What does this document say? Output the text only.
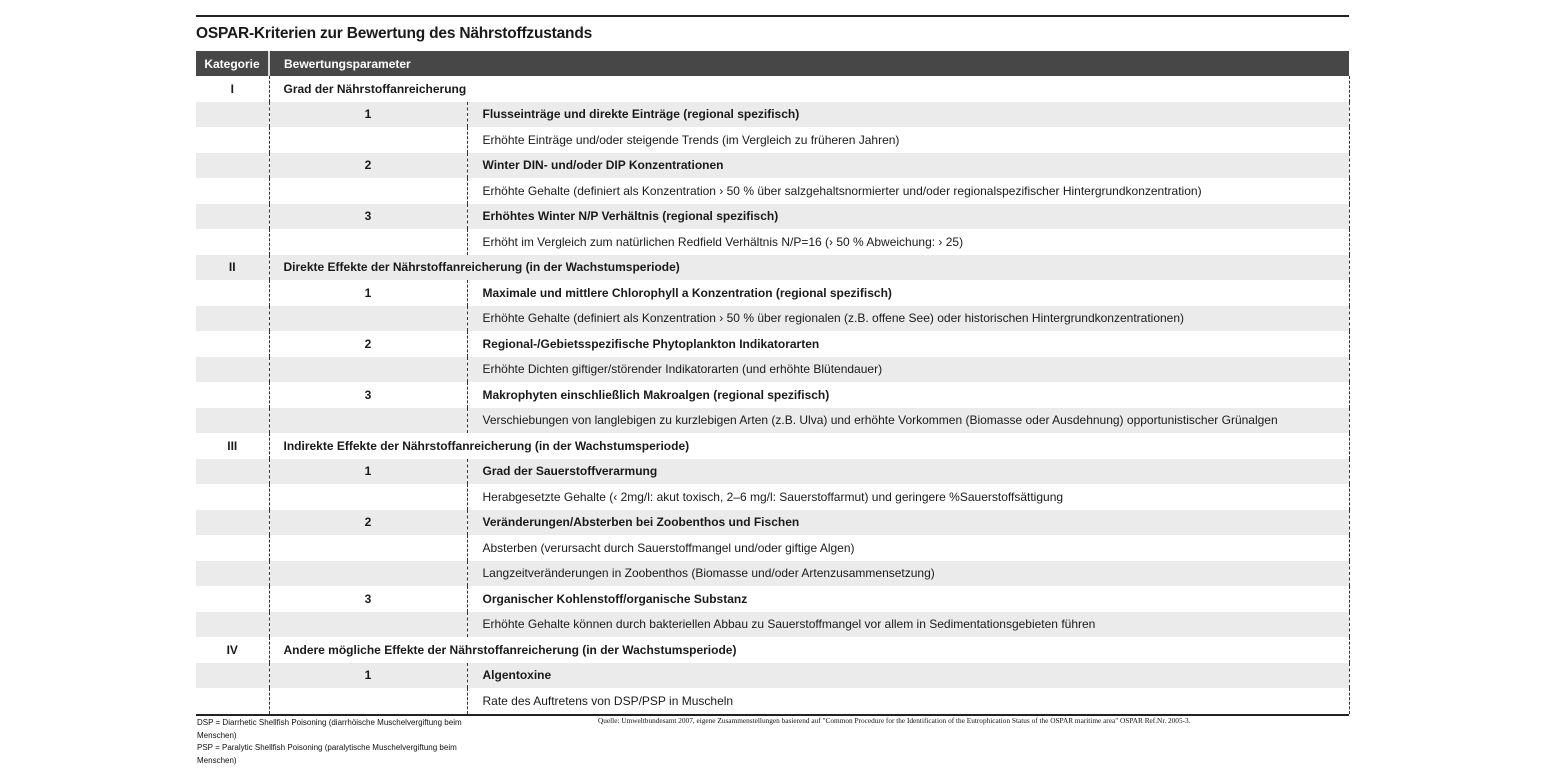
OSPAR-Kriterien zur Bewertung des Nährstoffzustands
Kategorie	Bewertungsparameter	
I	Grad der Nährstoffanreicherung	
	1	Flusseinträge und direkte Einträge (regional spezifisch)
		Erhöhte Einträge und/oder steigende Trends (im Vergleich zu früheren Jahren)
	2	Winter DIN- und/oder DIP Konzentrationen
		Erhöhte Gehalte (definiert als Konzentration › 50 % über salzgehaltsnormierter und/oder regionalspezifischer Hintergrundkonzentration)
	3	Erhöhtes Winter N/P Verhältnis (regional spezifisch)
		Erhöht im Vergleich zum natürlichen Redfield Verhältnis N/P=16 (› 50 % Abweichung: › 25)
II	Direkte Effekte der Nährstoffanreicherung (in der Wachstumsperiode)	
	1	Maximale und mittlere Chlorophyll a Konzentration (regional spezifisch)
		Erhöhte Gehalte (definiert als Konzentration › 50 % über regionalen (z.B. offene See) oder historischen Hintergrundkonzentrationen)
	2	Regional-/Gebietsspezifische Phytoplankton Indikatorarten
		Erhöhte Dichten giftiger/störender Indikatorarten (und erhöhte Blütendauer)
	3	Makrophyten einschließlich Makroalgen (regional spezifisch)
		Verschiebungen von langlebigen zu kurzlebigen Arten (z.B. Ulva) und erhöhte Vorkommen (Biomasse oder Ausdehnung) opportunistischer Grünalgen
III	Indirekte Effekte der Nährstoffanreicherung (in der Wachstumsperiode)	
	1	Grad der Sauerstoffverarmung
		Herabgesetzte Gehalte (‹ 2mg/l: akut toxisch, 2–6 mg/l: Sauerstoffarmut) und geringere %Sauerstoffsättigung
	2	Veränderungen/Absterben bei Zoobenthos und Fischen
		Absterben (verursacht durch Sauerstoffmangel und/oder giftige Algen)
		Langzeitveränderungen in Zoobenthos (Biomasse und/oder Artenzusammensetzung)
	3	Organischer Kohlenstoff/organische Substanz
		Erhöhte Gehalte können durch bakteriellen Abbau zu Sauerstoffmangel vor allem in Sedimentationsgebieten führen
IV	Andere mögliche Effekte der Nährstoffanreicherung (in der Wachstumsperiode)	
	1	Algentoxine
		Rate des Auftretens von DSP/PSP in Muscheln
DSP = Diarrhetic Shellfish Poisoning (diarrhöische Muschelvergiftung beim Menschen)
PSP = Paralytic Shellfish Poisoning (paralytische Muschelvergiftung beim Menschen)
Quelle: Umweltbundesamt 2007, eigene Zusammenstellungen basierend auf "Common Procedure for the Identification of the Eutrophication Status of the OSPAR maritime area" OSPAR Ref.Nr. 2005-3.
